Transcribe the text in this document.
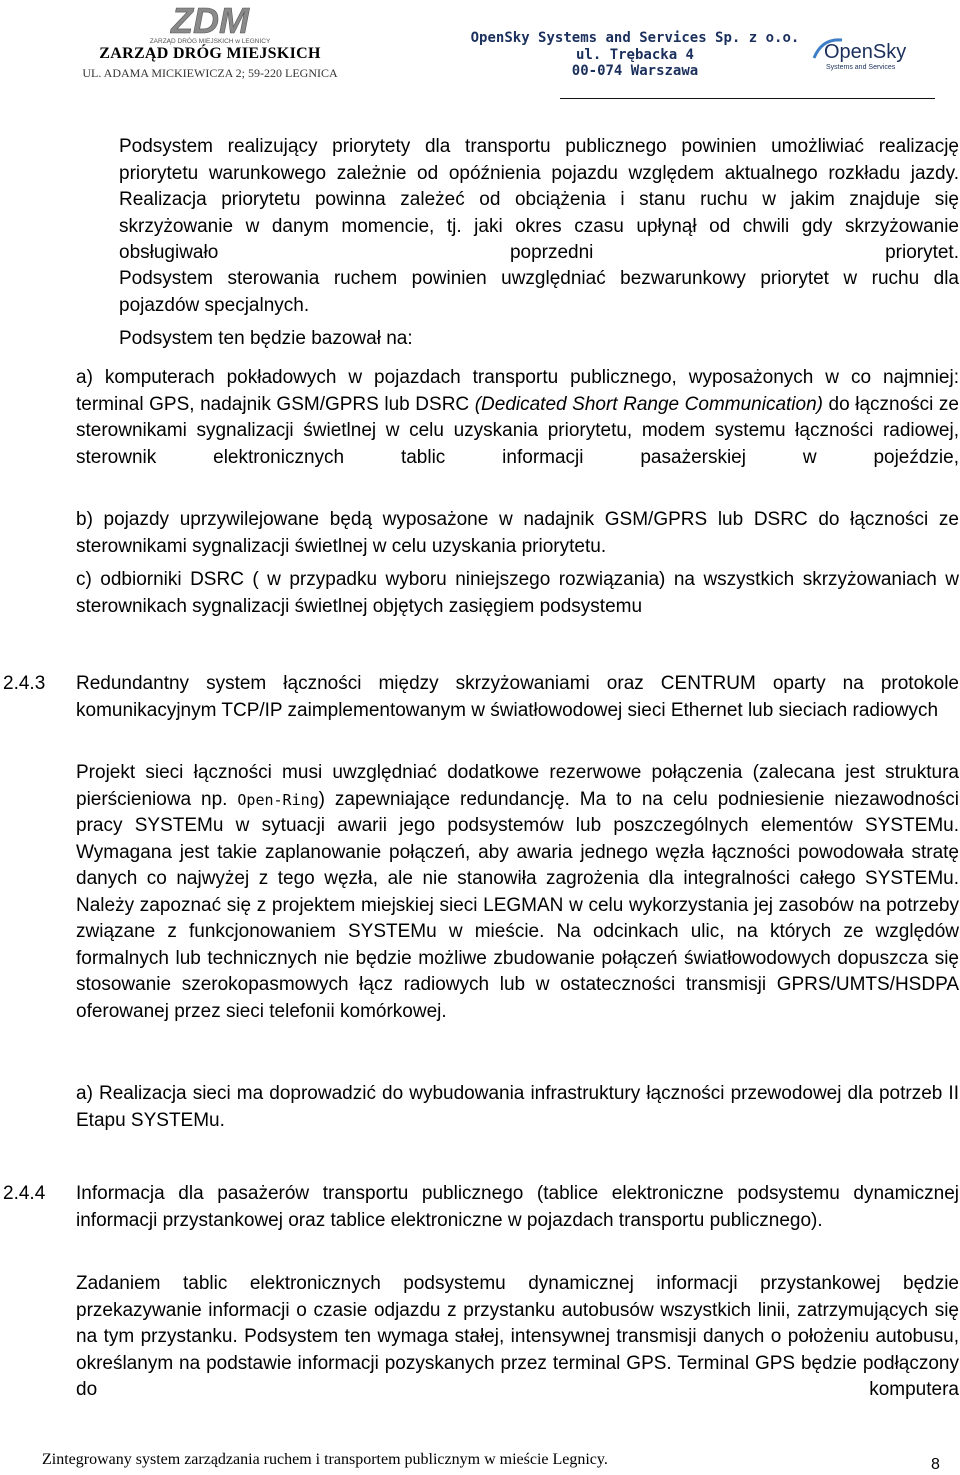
ZDM
ZARZĄD DRÓG MIEJSKICH w LEGNICY
ZARZĄD DRÓG MIEJSKICH
UL. ADAMA MICKIEWICZA 2; 59-220 LEGNICA
OpenSky Systems and Services Sp. z o.o.
ul. Trębacka 4
00-074 Warszawa
OpenSky
Systems and Services

Podsystem realizujący priorytety dla transportu publicznego powinien umożliwiać realizację priorytetu warunkowego zależnie od opóźnienia pojazdu względem aktualnego rozkładu jazdy. Realizacja priorytetu powinna zależeć od obciążenia i stanu ruchu w jakim znajduje się skrzyżowanie w danym momencie, tj. jaki okres czasu upłynął od chwili gdy skrzyżowanie obsługiwało poprzedni priorytet.

Podsystem sterowania ruchem powinien uwzględniać bezwarunkowy priorytet w ruchu dla pojazdów specjalnych.

Podsystem ten będzie bazował na:

a) komputerach pokładowych w pojazdach transportu publicznego, wyposażonych w co najmniej: terminal GPS, nadajnik GSM/GPRS lub DSRC (Dedicated Short Range Communication) do łączności ze sterownikami sygnalizacji świetlnej w celu uzyskania priorytetu, modem systemu łączności radiowej, sterownik elektronicznych tablic informacji pasażerskiej w pojeździe,

b) pojazdy uprzywilejowane będą wyposażone w nadajnik GSM/GPRS lub DSRC do łączności ze sterownikami sygnalizacji świetlnej w celu uzyskania priorytetu.

c) odbiorniki DSRC ( w przypadku wyboru niniejszego rozwiązania) na wszystkich skrzyżowaniach w sterownikach sygnalizacji świetlnej objętych zasięgiem podsystemu

2.4.3 Redundantny system łączności między skrzyżowaniami oraz CENTRUM oparty na protokole komunikacyjnym TCP/IP zaimplementowanym w światłowodowej sieci Ethernet lub sieciach radiowych

Projekt sieci łączności musi uwzględniać dodatkowe rezerwowe połączenia (zalecana jest struktura pierścieniowa np. Open-Ring) zapewniające redundancję. Ma to na celu podniesienie niezawodności pracy SYSTEMu w sytuacji awarii jego podsystemów lub poszczególnych elementów SYSTEMu. Wymagana jest takie zaplanowanie połączeń, aby awaria jednego węzła łączności powodowała stratę danych co najwyżej z tego węzła, ale nie stanowiła zagrożenia dla integralności całego SYSTEMu. Należy zapoznać się z projektem miejskiej sieci LEGMAN w celu wykorzystania jej zasobów na potrzeby związane z funkcjonowaniem SYSTEMu w mieście. Na odcinkach ulic, na których ze względów formalnych lub technicznych nie będzie możliwe zbudowanie połączeń światłowodowych dopuszcza się stosowanie szerokopasmowych łącz radiowych lub w ostateczności transmisji GPRS/UMTS/HSDPA oferowanej przez sieci telefonii komórkowej.

a) Realizacja sieci ma doprowadzić do wybudowania infrastruktury łączności przewodowej dla potrzeb II Etapu SYSTEMu.

2.4.4 Informacja dla pasażerów transportu publicznego (tablice elektroniczne podsystemu dynamicznej informacji przystankowej oraz tablice elektroniczne w pojazdach transportu publicznego).

Zadaniem tablic elektronicznych podsystemu dynamicznej informacji przystankowej będzie przekazywanie informacji o czasie odjazdu z przystanku autobusów wszystkich linii, zatrzymujących się na tym przystanku. Podsystem ten wymaga stałej, intensywnej transmisji danych o położeniu autobusu, określanym na podstawie informacji pozyskanych przez terminal GPS. Terminal GPS będzie podłączony do komputera

Zintegrowany system zarządzania ruchem i transportem publicznym w mieście Legnicy.	8
